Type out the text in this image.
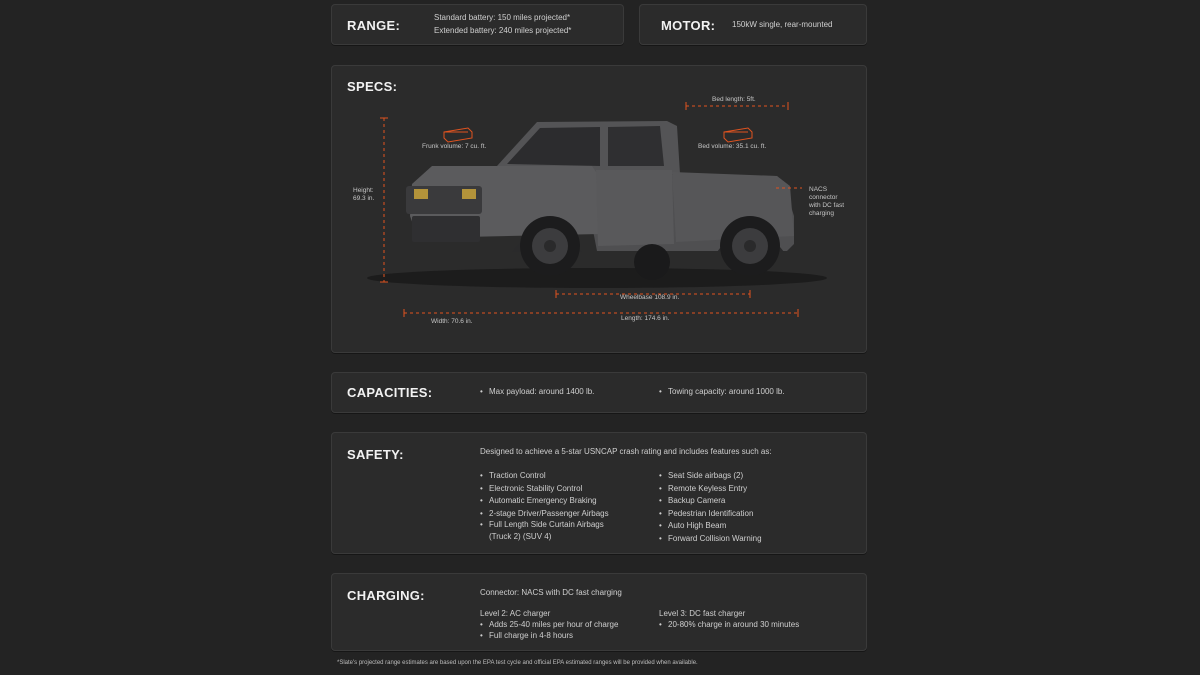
RANGE:
Standard battery: 150 miles projected*
Extended battery: 240 miles projected*	MOTOR: 150kW single, rear-mounted
SPECS:
Bed length: 5ft.
Frunk volume: 7 cu. ft.	Bed volume: 35.1 cu. ft.
Height:
69.3 in.
NACS
connector
with DC fast
charging
Wheelbase 108.9 in.
Width: 70.6 in.	Length: 174.6 in.
CAPACITIES:	• Max payload: around 1400 lb.	• Towing capacity: around 1000 lb.
SAFETY:	Designed to achieve a 5-star USNCAP crash rating and includes features such as:
• Traction Control
• Electronic Stability Control
• Automatic Emergency Braking
• 2-stage Driver/Passenger Airbags
• Full Length Side Curtain Airbags
(Truck 2) (SUV 4)
• Seat Side airbags (2)
• Remote Keyless Entry
• Backup Camera
• Pedestrian Identification
• Auto High Beam
• Forward Collision Warning
CHARGING:	Connector: NACS with DC fast charging
Level 2: AC charger
• Adds 25-40 miles per hour of charge
• Full charge in 4-8 hours
Level 3: DC fast charger
• 20-80% charge in around 30 minutes
*Slate's projected range estimates are based upon the EPA test cycle and official EPA estimated ranges will be provided when available.
